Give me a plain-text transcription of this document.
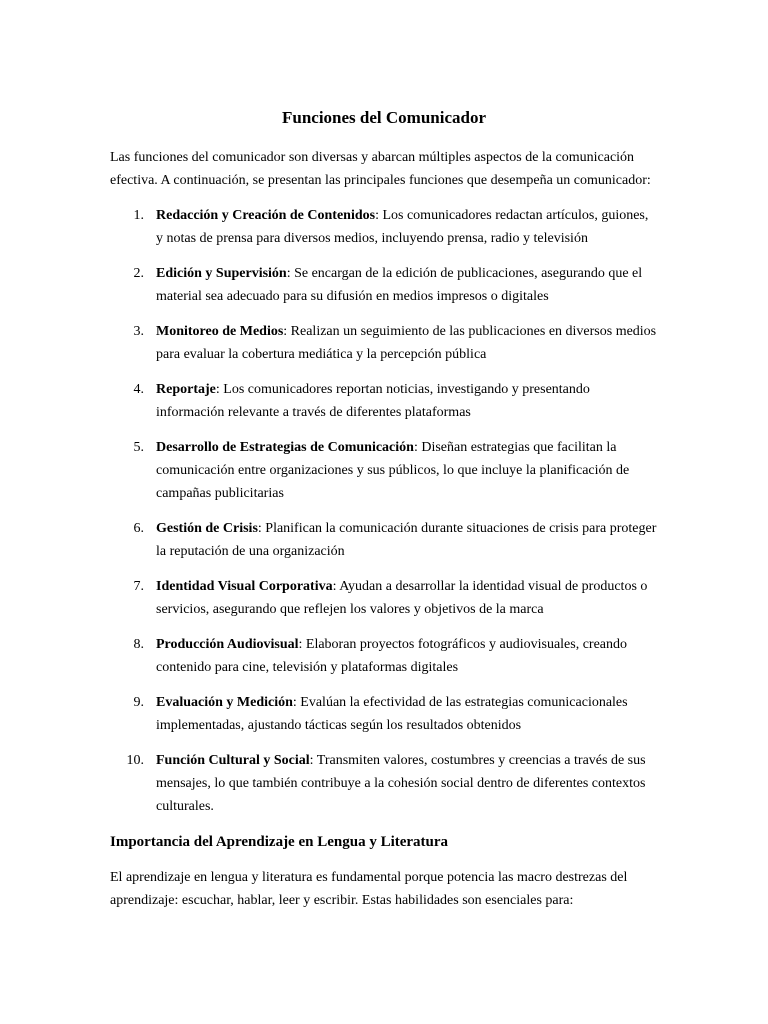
Funciones del Comunicador

Las funciones del comunicador son diversas y abarcan múltiples aspectos de la comunicación efectiva. A continuación, se presentan las principales funciones que desempeña un comunicador:

1. Redacción y Creación de Contenidos: Los comunicadores redactan artículos, guiones, y notas de prensa para diversos medios, incluyendo prensa, radio y televisión
2. Edición y Supervisión: Se encargan de la edición de publicaciones, asegurando que el material sea adecuado para su difusión en medios impresos o digitales
3. Monitoreo de Medios: Realizan un seguimiento de las publicaciones en diversos medios para evaluar la cobertura mediática y la percepción pública
4. Reportaje: Los comunicadores reportan noticias, investigando y presentando información relevante a través de diferentes plataformas
5. Desarrollo de Estrategias de Comunicación: Diseñan estrategias que facilitan la comunicación entre organizaciones y sus públicos, lo que incluye la planificación de campañas publicitarias
6. Gestión de Crisis: Planifican la comunicación durante situaciones de crisis para proteger la reputación de una organización
7. Identidad Visual Corporativa: Ayudan a desarrollar la identidad visual de productos o servicios, asegurando que reflejen los valores y objetivos de la marca
8. Producción Audiovisual: Elaboran proyectos fotográficos y audiovisuales, creando contenido para cine, televisión y plataformas digitales
9. Evaluación y Medición: Evalúan la efectividad de las estrategias comunicacionales implementadas, ajustando tácticas según los resultados obtenidos
10. Función Cultural y Social: Transmiten valores, costumbres y creencias a través de sus mensajes, lo que también contribuye a la cohesión social dentro de diferentes contextos culturales.
Importancia del Aprendizaje en Lengua y Literatura

El aprendizaje en lengua y literatura es fundamental porque potencia las macro destrezas del aprendizaje: escuchar, hablar, leer y escribir. Estas habilidades son esenciales para:
